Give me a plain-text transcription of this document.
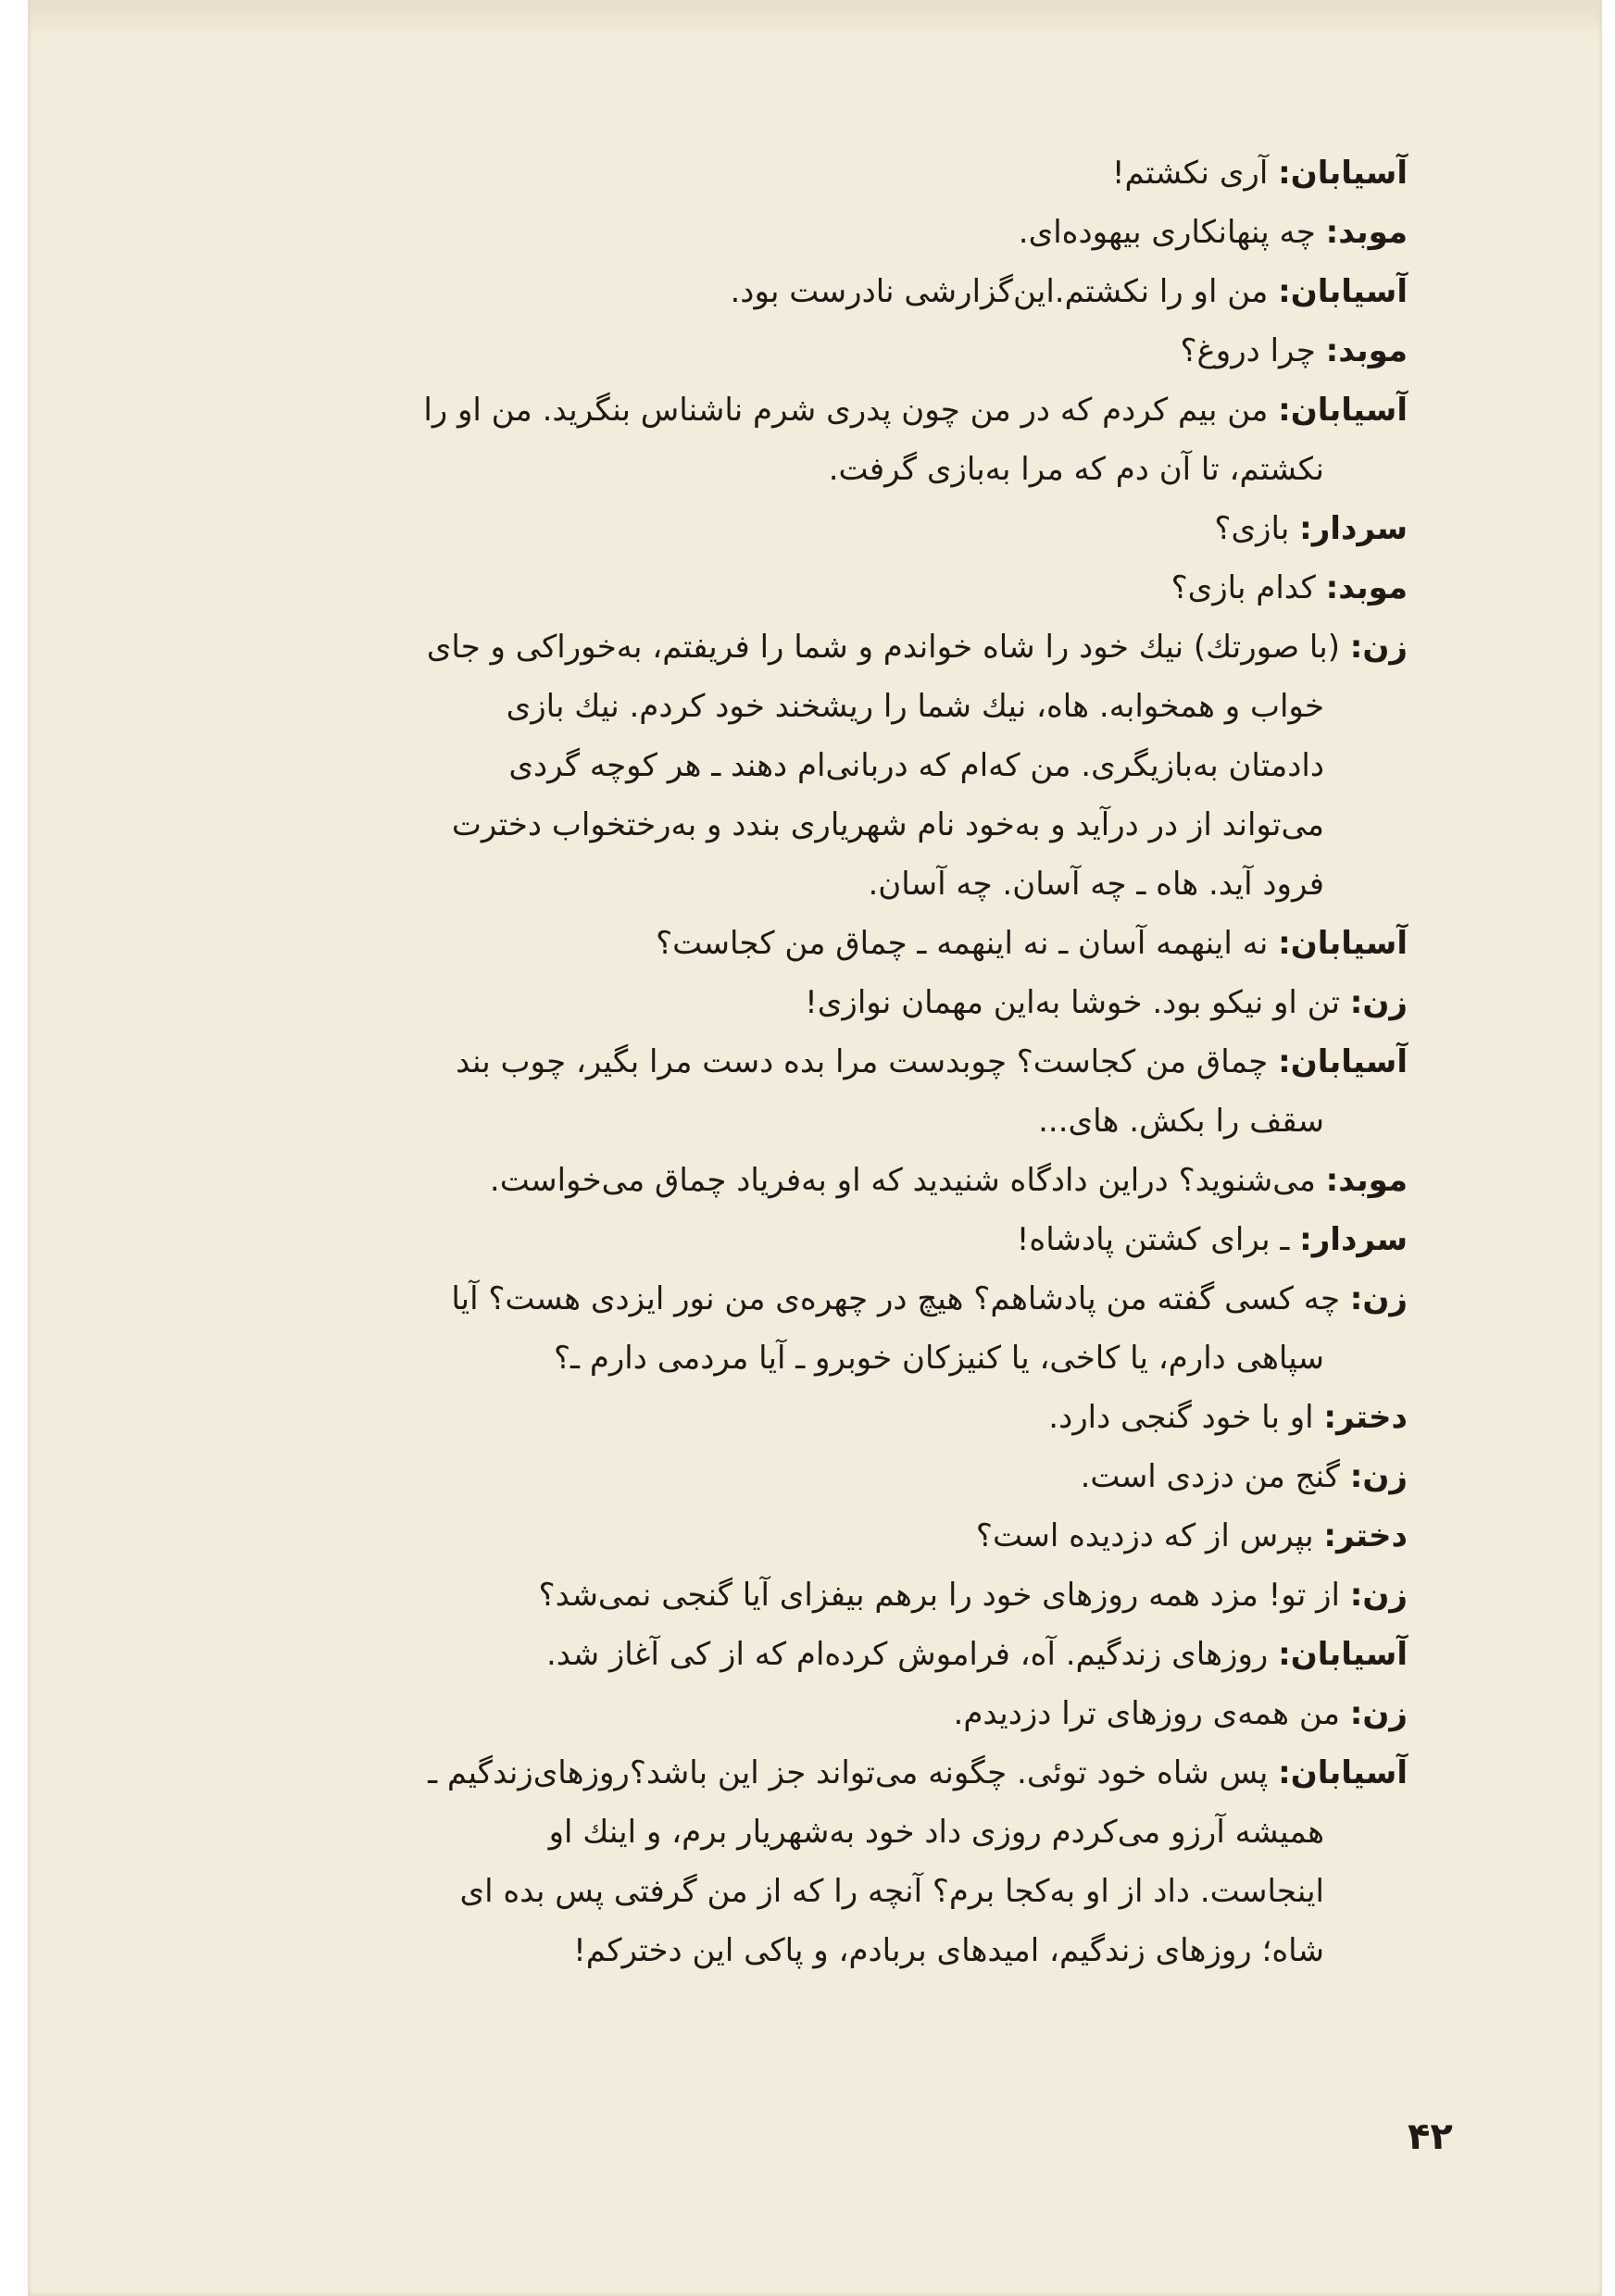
آسیابان: آری نکشتم!

موبد: چه پنهانکاری بیهوده‌ای.

آسیابان: من او را نکشتم.این‌گزارشی نادرست بود.

موبد: چرا دروغ؟

آسیابان: من بیم کردم که در من چون پدری شرم ناشناس بنگرید. من او را

نکشتم، تا آن دم که مرا به‌بازی گرفت.

سردار: بازی؟

موبد: کدام بازی؟

زن: (با صورتك) نیك خود را شاه خواندم و شما را فریفتم، به‌خوراکی و جای

خواب و همخوابه. هاه، نیك شما را ریشخند خود کردم. نیك بازی

دادمتان به‌بازیگری. من که‌ام که دربانی‌ام دهند ـ هر کوچه گردی

می‌تواند از در درآید و به‌خود نام شهریاری بندد و به‌رختخواب دخترت

فرود آید. هاه ـ چه آسان. چه آسان.

آسیابان: نه اینهمه آسان ـ نه اینهمه ـ چماق من کجاست؟

زن: تن او نیکو بود. خوشا به‌این مهمان نوازی!

آسیابان: چماق من کجاست؟ چوبدست مرا بده دست مرا بگیر، چوب بند

سقف را بکش. های...

موبد: می‌شنوید؟ دراین دادگاه شنیدید که او به‌فریاد چماق می‌خواست.

سردار: ـ برای کشتن پادشاه!

زن: چه کسی گفته من پادشاهم؟ هیچ در چهره‌ی من نور ایزدی هست؟ آیا

سپاهی دارم، یا کاخی، یا کنیزکان خوبرو ـ آیا مردمی دارم ـ؟

دختر: او با خود گنجی دارد.

زن: گنج من دزدی است.

دختر: بپرس از که دزدیده است؟

زن: از تو! مزد همه روزهای خود را برهم بیفزای آیا گنجی نمی‌شد؟

آسیابان: روزهای زندگیم. آه، فراموش کرده‌ام که از کی آغاز شد.

زن: من همه‌ی روزهای ترا دزدیدم.

آسیابان: پس شاه خود توئی. چگونه می‌تواند جز این باشد؟روزهای‌زندگیم ـ

همیشه آرزو می‌کردم روزی داد خود به‌شهریار برم، و اینك او

اینجاست. داد از او به‌کجا برم؟ آنچه را که از من گرفتی پس بده ای

شاه؛ روزهای زندگیم، امیدهای بربادم، و پاکی این دخترکم!

۴۲
